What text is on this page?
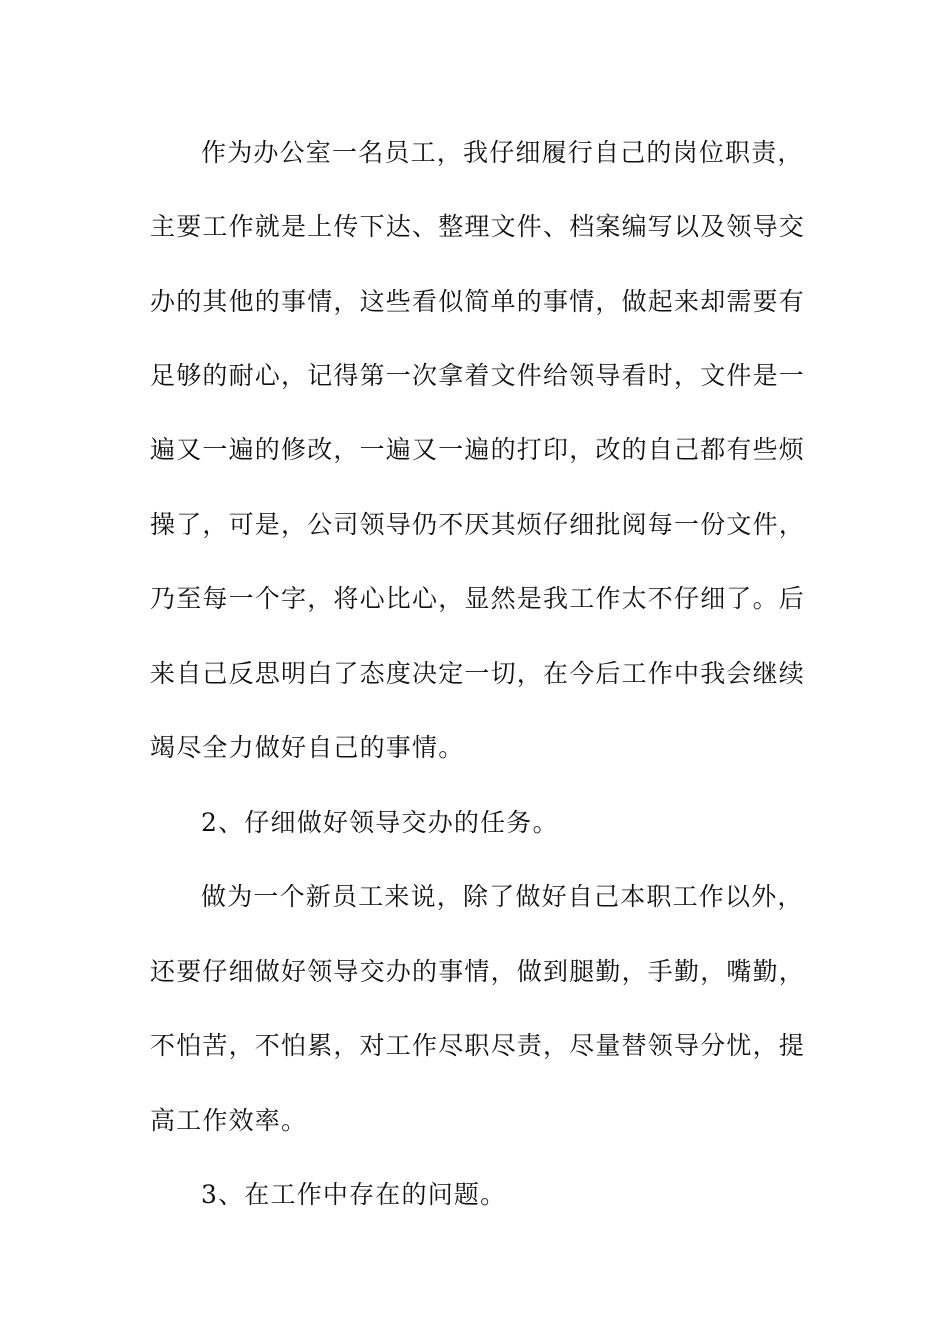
作为办公室一名员工，我仔细履行自己的岗位职责，
主要工作就是上传下达、整理文件、档案编写以及领导交
办的其他的事情，这些看似简单的事情，做起来却需要有
足够的耐心，记得第一次拿着文件给领导看时，文件是一
遍又一遍的修改，一遍又一遍的打印，改的自己都有些烦
操了，可是，公司领导仍不厌其烦仔细批阅每一份文件，
乃至每一个字，将心比心，显然是我工作太不仔细了。后
来自己反思明白了态度决定一切，在今后工作中我会继续
竭尽全力做好自己的事情。
2、仔细做好领导交办的任务。
做为一个新员工来说，除了做好自己本职工作以外，
还要仔细做好领导交办的事情，做到腿勤，手勤，嘴勤，
不怕苦，不怕累，对工作尽职尽责，尽量替领导分忧，提
高工作效率。
3、在工作中存在的问题。
